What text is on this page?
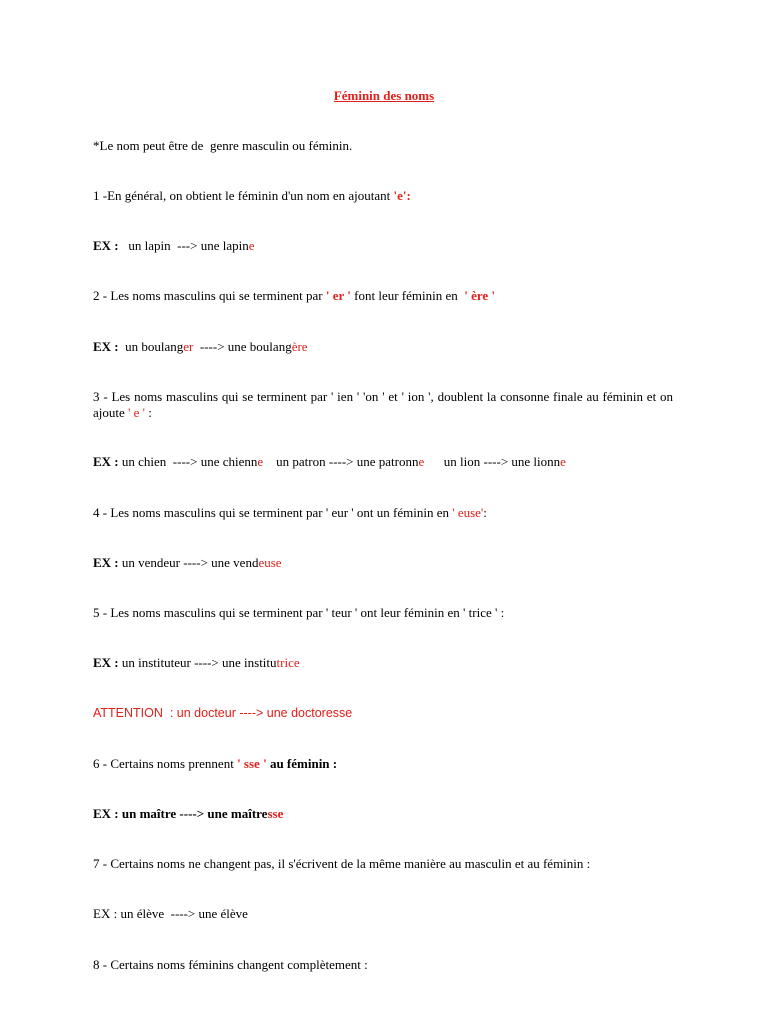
Féminin des noms
*Le nom peut être de  genre masculin ou féminin.
1 -En général, on obtient le féminin d'un nom en ajoutant 'e':
EX :   un lapin  ---> une lapine
2 - Les noms masculins qui se terminent par ' er ' font leur féminin en  ' ère '
EX :  un boulanger  ----> une boulangère
3 - Les noms masculins qui se terminent par ' ien ' 'on ' et ' ion ', doublent la consonne finale au féminin et on ajoute ' e ' :
EX : un chien  ----> une chienne    un patron ----> une patronne      un lion ----> une lionne
4 - Les noms masculins qui se terminent par ' eur ' ont un féminin en ' euse':
EX : un vendeur ----> une vendeuse
5 - Les noms masculins qui se terminent par ' teur ' ont leur féminin en ' trice ' :
EX : un instituteur ----> une institutrice
ATTENTION  : un docteur ----> une doctoresse
6 - Certains noms prennent ' sse ' au féminin :
EX : un maître ----> une maîtresse
7 - Certains noms ne changent pas, il s'écrivent de la même manière au masculin et au féminin :
EX : un élève  ----> une élève
8 - Certains noms féminins changent complètement :
